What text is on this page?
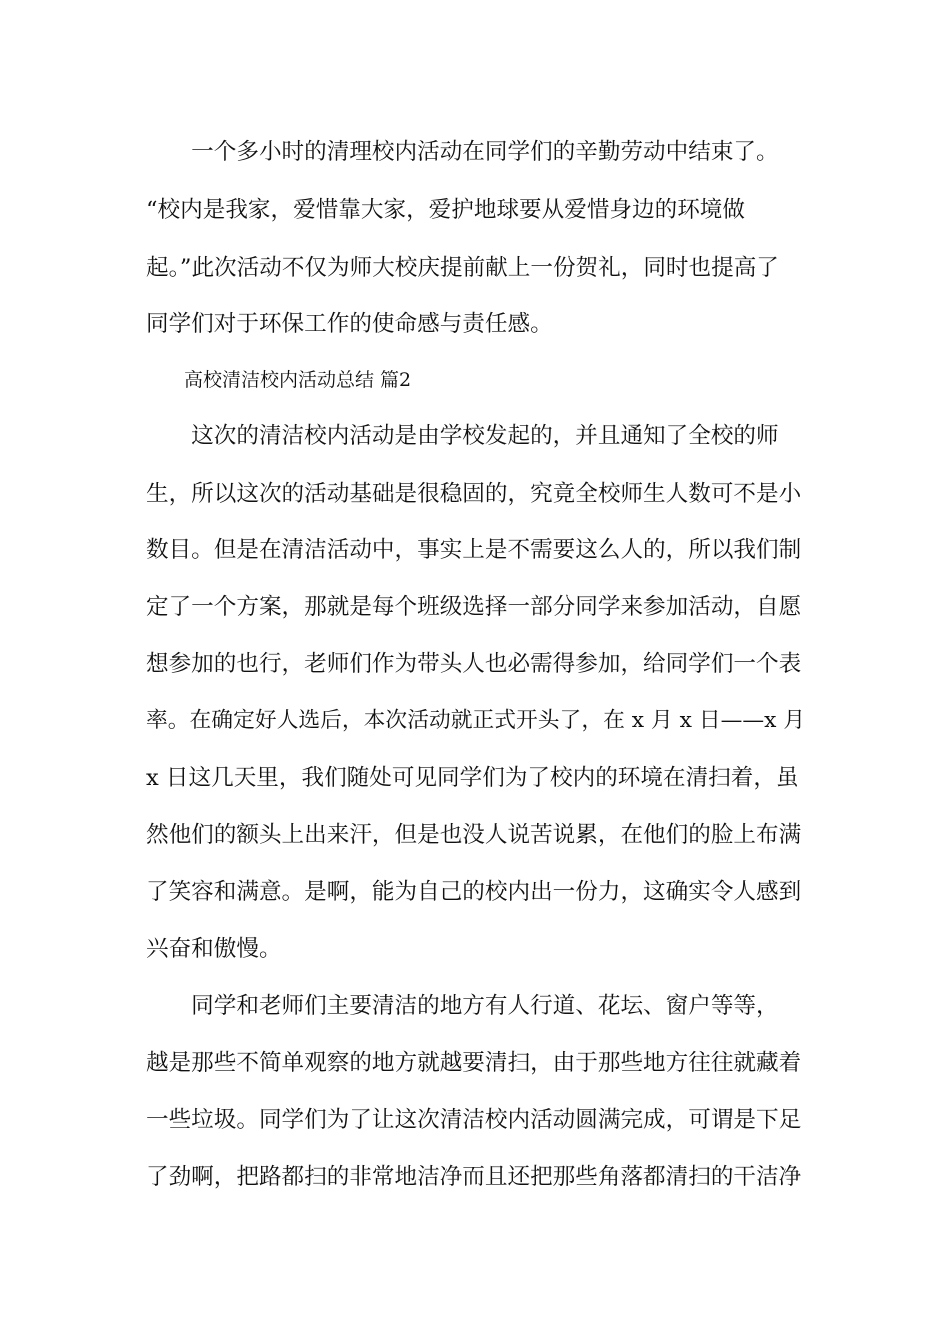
　　一个多小时的清理校内活动在同学们的辛勤劳动中结束了。
“校内是我家，爱惜靠大家，爱护地球要从爱惜身边的环境做
起。”此次活动不仅为师大校庆提前献上一份贺礼，同时也提高了
同学们对于环保工作的使命感与责任感。
　　高校清洁校内活动总结 篇2
　　这次的清洁校内活动是由学校发起的，并且通知了全校的师
生，所以这次的活动基础是很稳固的，究竟全校师生人数可不是小
数目。但是在清洁活动中，事实上是不需要这么人的，所以我们制
定了一个方案，那就是每个班级选择一部分同学来参加活动，自愿
想参加的也行，老师们作为带头人也必需得参加，给同学们一个表
率。在确定好人选后，本次活动就正式开头了，在 x 月 x 日——x 月
x 日这几天里，我们随处可见同学们为了校内的环境在清扫着，虽
然他们的额头上出来汗，但是也没人说苦说累，在他们的脸上布满
了笑容和满意。是啊，能为自己的校内出一份力，这确实令人感到
兴奋和傲慢。
　　同学和老师们主要清洁的地方有人行道、花坛、窗户等等，
越是那些不简单观察的地方就越要清扫，由于那些地方往往就藏着
一些垃圾。同学们为了让这次清洁校内活动圆满完成，可谓是下足
了劲啊，把路都扫的非常地洁净而且还把那些角落都清扫的干洁净
